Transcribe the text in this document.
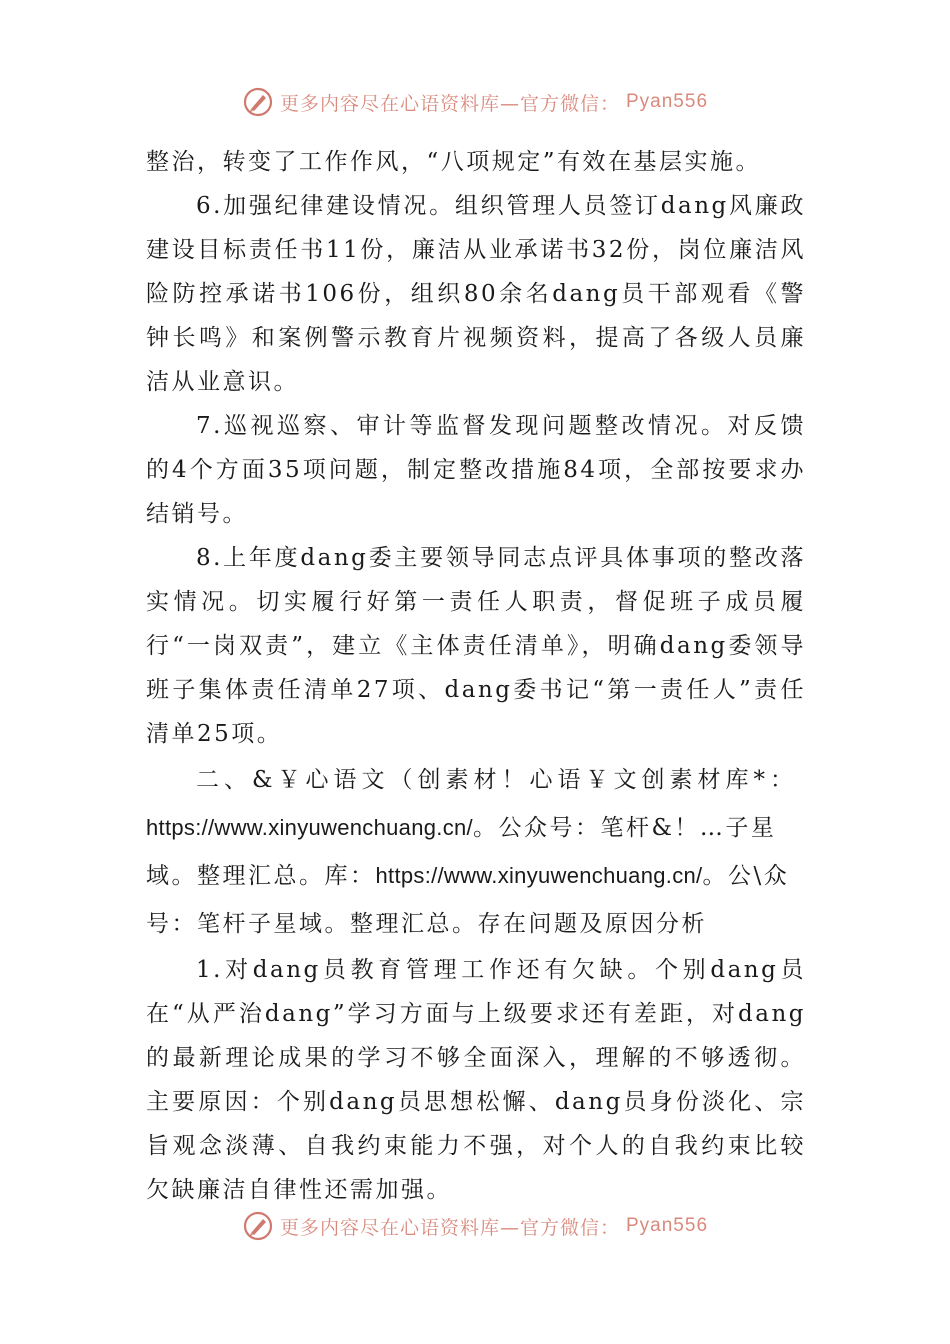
更多内容尽在心语资料库—官方微信： Pyan556

整治，转变了工作作风，“八项规定”有效在基层实施。

6.加强纪律建设情况。组织管理人员签订dang风廉政建设目标责任书11份，廉洁从业承诺书32份，岗位廉洁风险防控承诺书106份，组织80余名dang员干部观看《警钟长鸣》和案例警示教育片视频资料，提高了各级人员廉洁从业意识。

7.巡视巡察、审计等监督发现问题整改情况。对反馈的4个方面35项问题，制定整改措施84项，全部按要求办结销号。

8.上年度dang委主要领导同志点评具体事项的整改落实情况。切实履行好第一责任人职责，督促班子成员履行“一岗双责”，建立《主体责任清单》，明确dang委领导班子集体责任清单27项、dang委书记“第一责任人”责任清单25项。

二、&￥心语文（创素材！心语￥文创素材库*：https://www.xinyuwenchuang.cn/。公众号：笔杆&！…子星域。整理汇总。库：https://www.xinyuwenchuang.cn/。公\众号：笔杆子星域。整理汇总。存在问题及原因分析

1.对dang员教育管理工作还有欠缺。个别dang员在“从严治dang”学习方面与上级要求还有差距，对dang的最新理论成果的学习不够全面深入，理解的不够透彻。主要原因：个别dang员思想松懈、dang员身份淡化、宗旨观念淡薄、自我约束能力不强，对个人的自我约束比较欠缺廉洁自律性还需加强。

更多内容尽在心语资料库—官方微信： Pyan556
